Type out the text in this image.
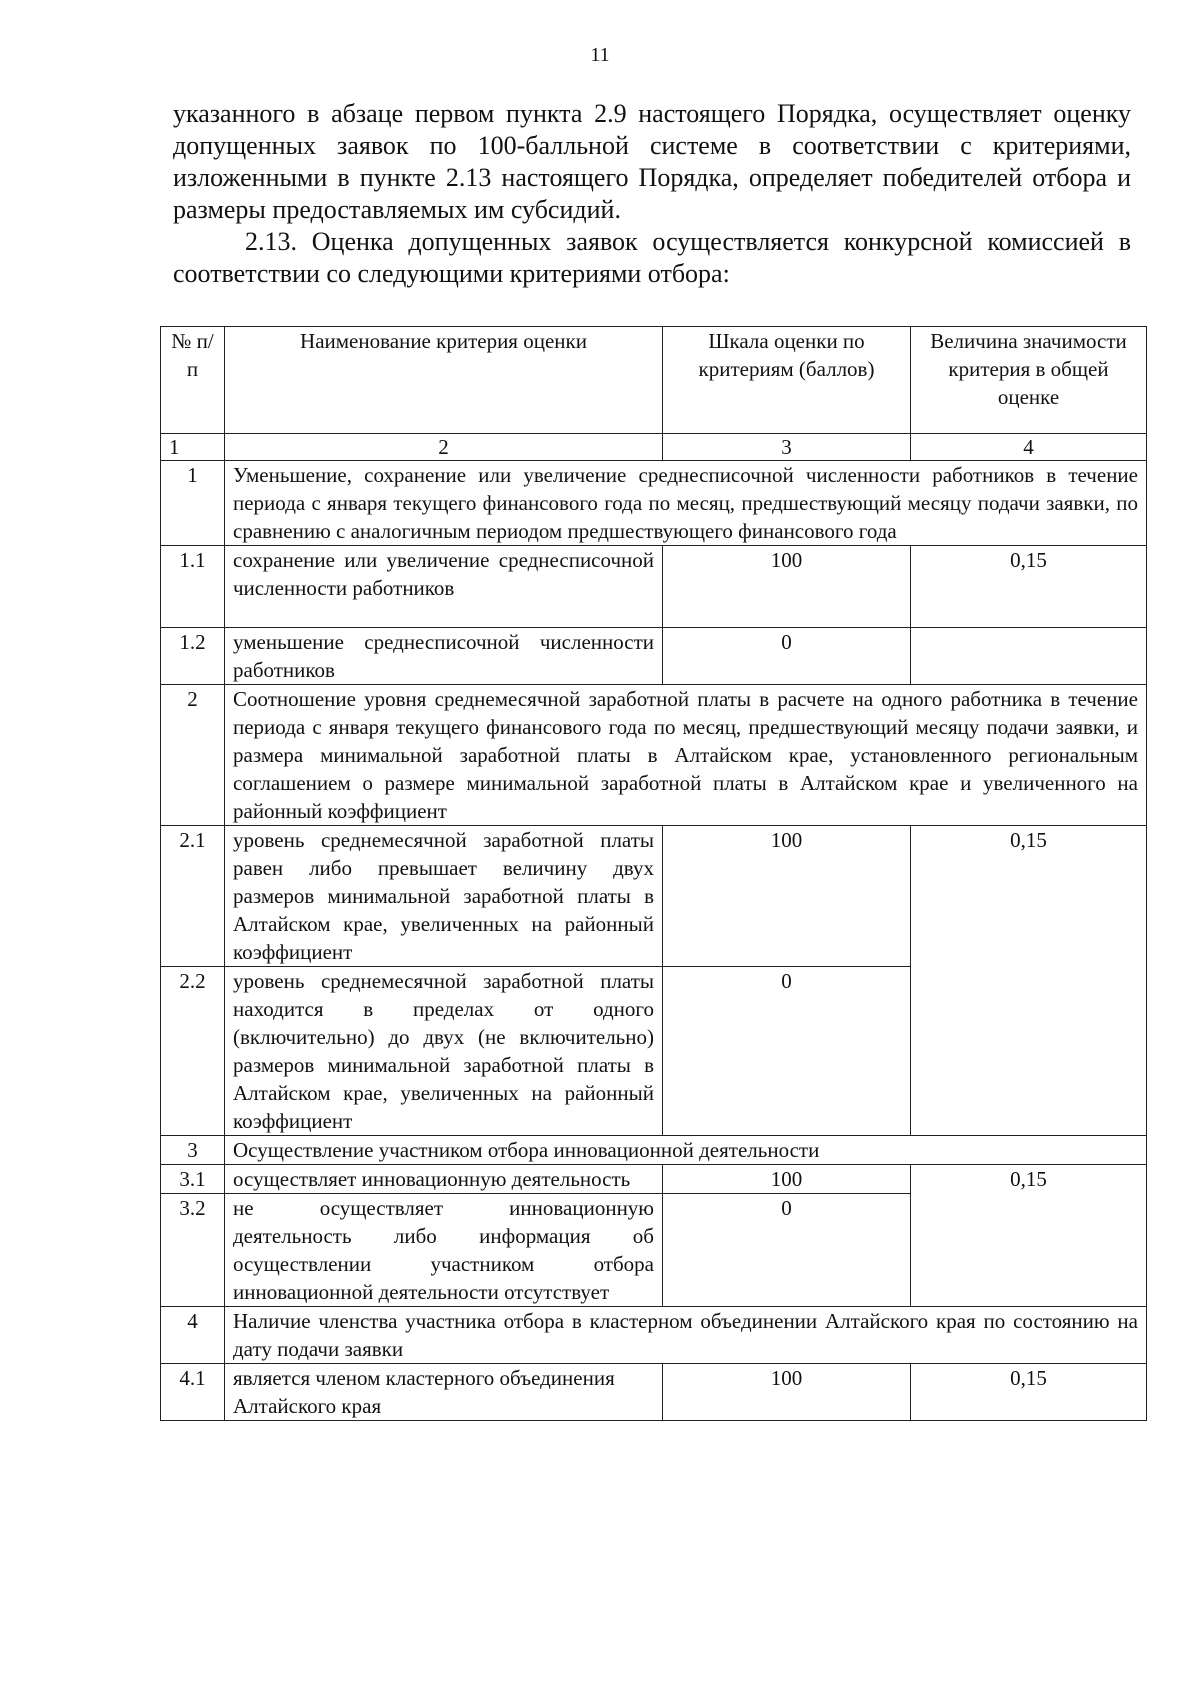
11

указанного в абзаце первом пункта 2.9 настоящего Порядка, осуществляет оценку допущенных заявок по 100-балльной системе в соответствии с критериями, изложенными в пункте 2.13 настоящего Порядка, определяет победителей отбора и размеры предоставляемых им субсидий.

2.13. Оценка допущенных заявок осуществляется конкурсной комиссией в соответствии со следующими критериями отбора:

№ п/п	Наименование критерия оценки	Шкала оценки по критериям (баллов)	Величина значимости критерия в общей оценке
1	2	3	4
1	Уменьшение, сохранение или увеличение среднесписочной численности работников в течение периода с января текущего финансового года по месяц, предшествующий месяцу подачи заявки, по сравнению с аналогичным периодом предшествующего финансового года		
1.1	сохранение или увеличение среднесписочной численности работников	100	0,15
1.2	уменьшение среднесписочной численности работников	0	
2	Соотношение уровня среднемесячной заработной платы в расчете на одного работника в течение периода с января текущего финансового года по месяц, предшествующий месяцу подачи заявки, и размера минимальной заработной платы в Алтайском крае, установленного региональным соглашением о размере минимальной заработной платы в Алтайском крае и увеличенного на районный коэффициент		
2.1	уровень среднемесячной заработной платы равен либо превышает величину двух размеров минимальной заработной платы в Алтайском крае, увеличенных на районный коэффициент	100	0,15
2.2	уровень среднемесячной заработной платы находится в пределах от одного (включительно) до двух (не включительно) размеров минимальной заработной платы в Алтайском крае, увеличенных на районный коэффициент	0	
3	Осуществление участником отбора инновационной деятельности		
3.1	осуществляет инновационную деятельность	100	0,15
3.2	не осуществляет инновационную деятельность либо информация об осуществлении участником отбора инновационной деятельности отсутствует	0	
4	Наличие членства участника отбора в кластерном объединении Алтайского края по состоянию на дату подачи заявки		
4.1	является членом кластерного объединения Алтайского края	100	0,15
